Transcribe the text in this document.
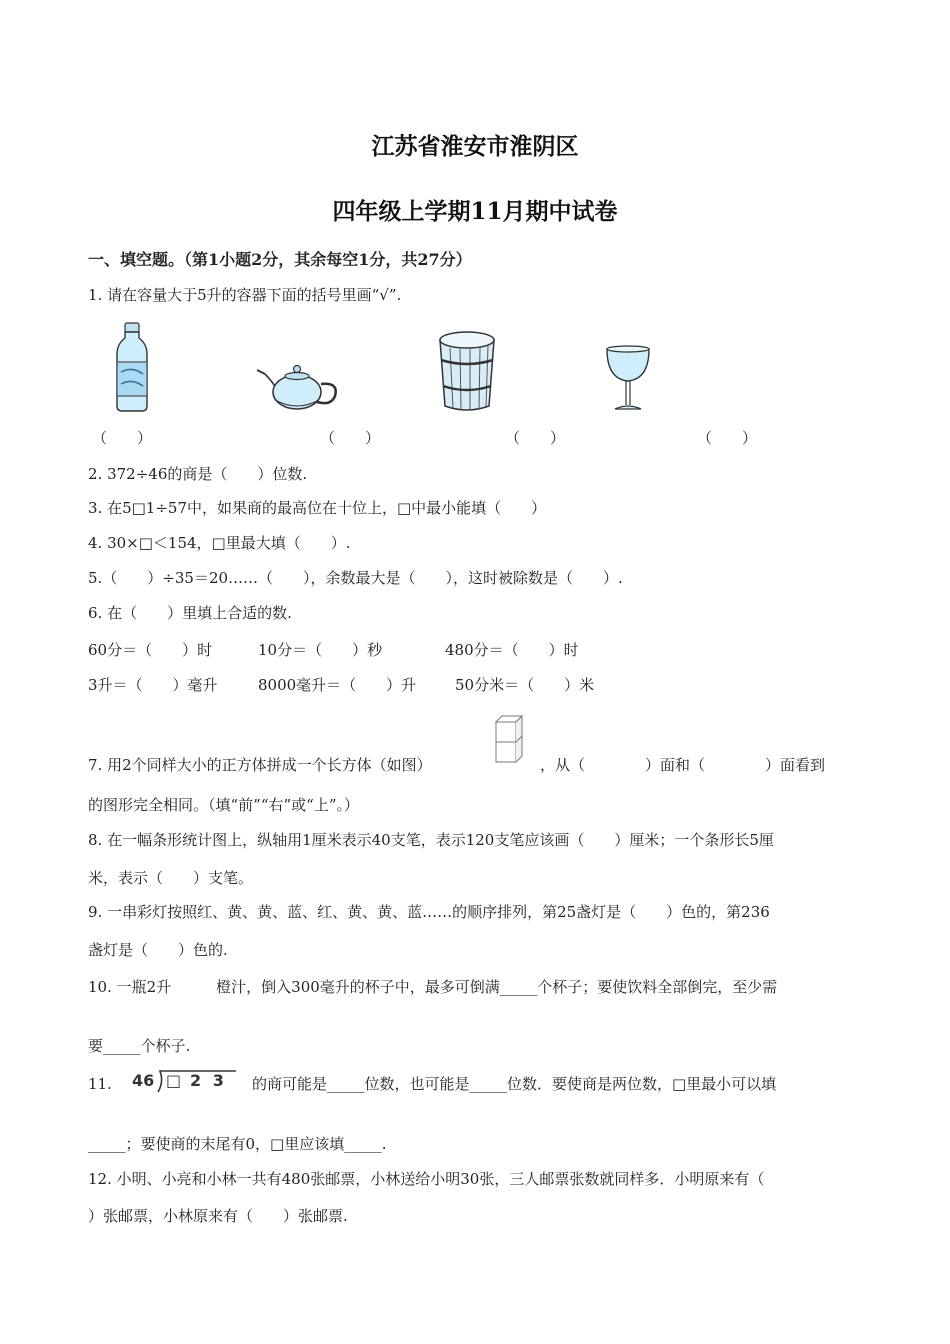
江苏省淮安市淮阴区
四年级上学期11月期中试卷
一、填空题。（第1小题2分，其余每空1分，共27分）
1. 请在容量大于5升的容器下面的括号里画“√”.
（　　）	（　　）	（　　）	（　　）
2. 372÷46的商是（　　）位数.
3. 在5□1÷57中，如果商的最高位在十位上，□中最小能填（　　）
4. 30×□＜154，□里最大填（　　）.
5.（　　）÷35＝20……（　　），余数最大是（　　），这时被除数是（　　）.
6. 在（　　）里填上合适的数.
60分＝（　　）时	10分＝（　　）秒	480分＝（　　）时
3升＝（　　）毫升	8000毫升＝（　　）升	50分米＝（　　）米
7. 用2个同样大小的正方体拼成一个长方体（如图）	，从（　　　　）面和（　　　　）面看到
的图形完全相同。（填“前”“右”或“上”。）
8. 在一幅条形统计图上，纵轴用1厘米表示40支笔，表示120支笔应该画（　　）厘米；一个条形长5厘
米，表示（　　）支笔。
9. 一串彩灯按照红、黄、黄、蓝、红、黄、黄、蓝……的顺序排列，第25盏灯是（　　）色的，第236
盏灯是（　　）色的.
10. 一瓶2升　　　橙汁，倒入300毫升的杯子中，最多可倒满_____个杯子；要使饮料全部倒完，至少需
要_____个杯子.
11. 46 □ 2 3 的商可能是_____位数，也可能是_____位数．要使商是两位数，□里最小可以填
_____；要使商的末尾有0，□里应该填_____.
12. 小明、小亮和小林一共有480张邮票，小林送给小明30张，三人邮票张数就同样多．小明原来有（
）张邮票，小林原来有（　　）张邮票.
